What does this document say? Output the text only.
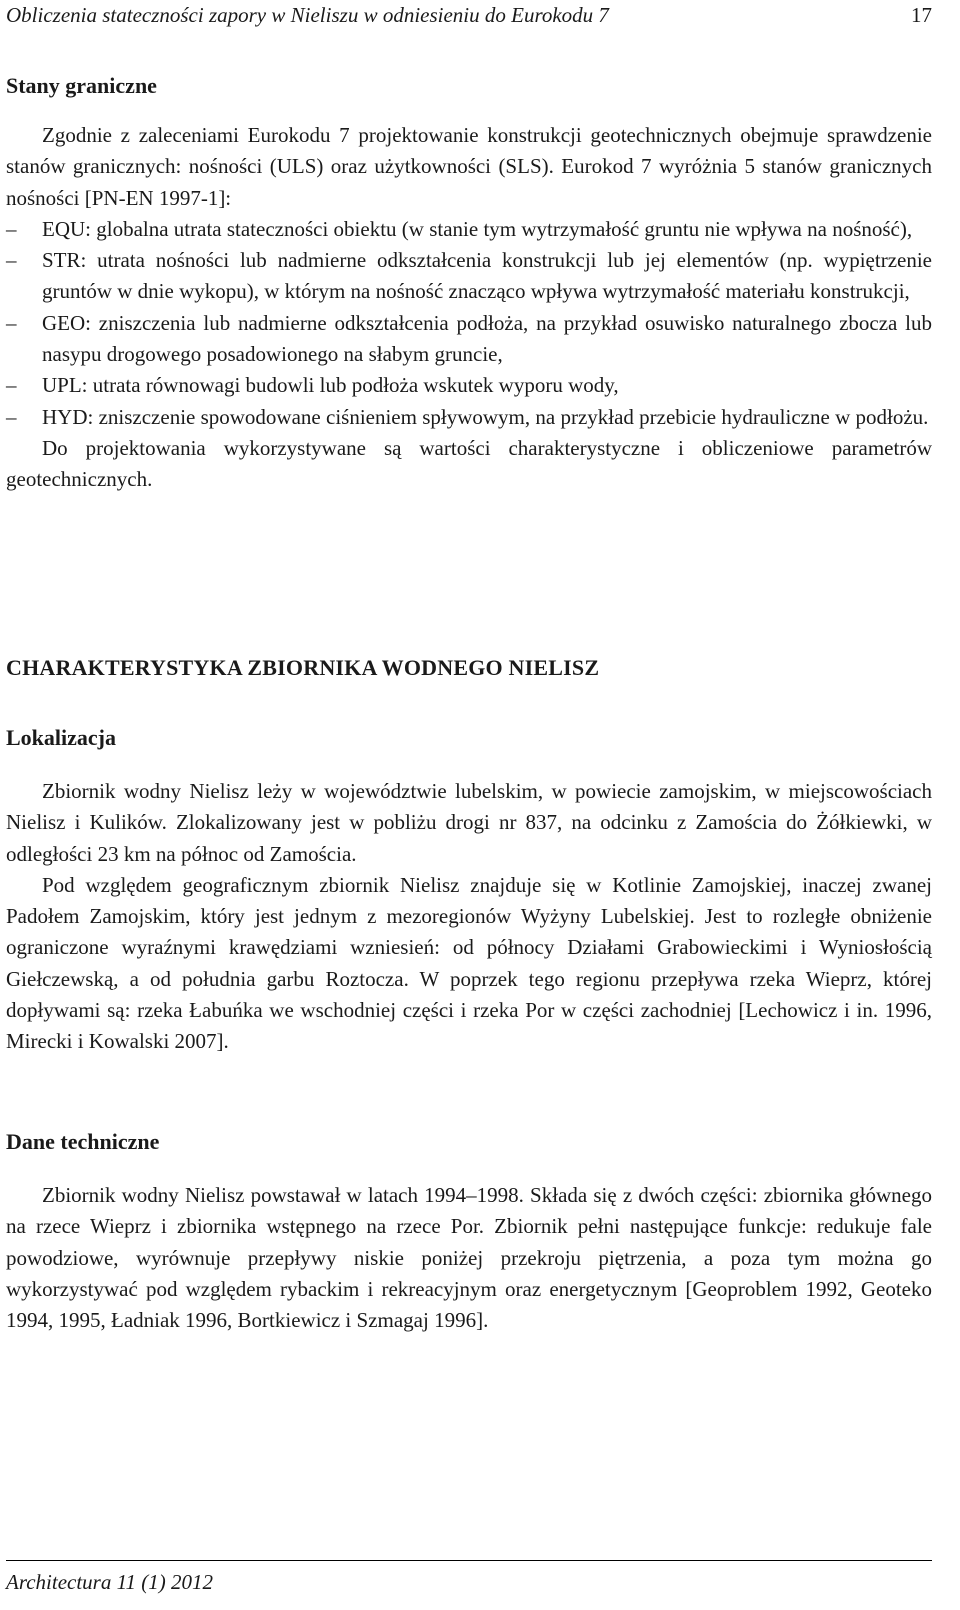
Obliczenia stateczności zapory w Nieliszu w odniesieniu do Eurokodu 7	17
Stany graniczne

Zgodnie z zaleceniami Eurokodu 7 projektowanie konstrukcji geotechnicznych obejmuje sprawdzenie stanów granicznych: nośności (ULS) oraz użytkowności (SLS). Eurokod 7 wyróżnia 5 stanów granicznych nośności [PN-EN 1997-1]:

– EQU: globalna utrata stateczności obiektu (w stanie tym wytrzymałość gruntu nie wpływa na nośność),
– STR: utrata nośności lub nadmierne odkształcenia konstrukcji lub jej elementów (np. wypiętrzenie gruntów w dnie wykopu), w którym na nośność znacząco wpływa wytrzymałość materiału konstrukcji,
– GEO: zniszczenia lub nadmierne odkształcenia podłoża, na przykład osuwisko naturalnego zbocza lub nasypu drogowego posadowionego na słabym gruncie,
– UPL: utrata równowagi budowli lub podłoża wskutek wyporu wody,
– HYD: zniszczenie spowodowane ciśnieniem spływowym, na przykład przebicie hydrauliczne w podłożu.

Do projektowania wykorzystywane są wartości charakterystyczne i obliczeniowe parametrów geotechnicznych.

CHARAKTERYSTYKA ZBIORNIKA WODNEGO NIELISZ
Lokalizacja

Zbiornik wodny Nielisz leży w województwie lubelskim, w powiecie zamojskim, w miejscowościach Nielisz i Kulików. Zlokalizowany jest w pobliżu drogi nr 837, na odcinku z Zamościa do Żółkiewki, w odległości 23 km na północ od Zamościa.

Pod względem geograficznym zbiornik Nielisz znajduje się w Kotlinie Zamojskiej, inaczej zwanej Padołem Zamojskim, który jest jednym z mezoregionów Wyżyny Lubelskiej. Jest to rozległe obniżenie ograniczone wyraźnymi krawędziami wzniesień: od północy Działami Grabowieckimi i Wyniosłością Giełczewską, a od południa garbu Roztocza. W poprzek tego regionu przepływa rzeka Wieprz, której dopływami są: rzeka Łabuńka we wschodniej części i rzeka Por w części zachodniej [Lechowicz i in. 1996, Mirecki i Kowalski 2007].

Dane techniczne

Zbiornik wodny Nielisz powstawał w latach 1994–1998. Składa się z dwóch części: zbiornika głównego na rzece Wieprz i zbiornika wstępnego na rzece Por. Zbiornik pełni następujące funkcje: redukuje fale powodziowe, wyrównuje przepływy niskie poniżej przekroju piętrzenia, a poza tym można go wykorzystywać pod względem rybackim i rekreacyjnym oraz energetycznym [Geoproblem 1992, Geoteko 1994, 1995, Ładniak 1996, Bortkiewicz i Szmagaj 1996].

Architectura 11 (1) 2012
